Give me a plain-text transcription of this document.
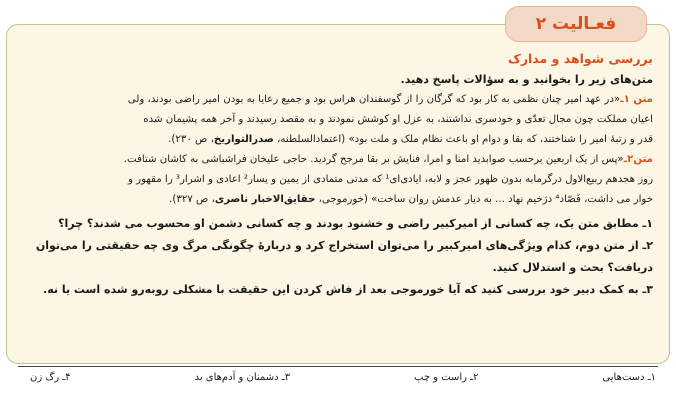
بررسی شواهد و مدارک
متن‌های زیر را بخوانید و به سؤالات پاسخ دهید.
متن ۱ـ«در عهد امیر چنان نظمی به کار بود که گرگان را از گوسفندان هراس بود و جمیع رعایا به بودن امیر راضی بودند، ولی
اعیان مملکت چون مجال تعدّی و خودسری نداشتند، به عزل او کوشش نمودند و به مقصد رسیدند و آخر همه پشیمان شده
قدر و رتبهٔ امیر را شناختند، که بقا و دوام او باعث نظام ملک و ملت بود» (اعتمادالسلطنه، صدرالتواریخ، ص ۲۳۰).
متن۲ـ«پس از یک اربعین برحسب صوابدید امنا و امرا، فنایش بر بقا مرجح گردید. حاجی علیخان فراشباشی به کاشان شتافت.
روز هجدهم ربیع‌الاول درگرمابه بدون ظهور عجز و لابه، ایادی‌ای¹ که مدتی متمادی از یمین و یسار² اعادی و اشرار³ را مقهور و
خوار می داشت، فَصّاد⁴ دژخیم نهاد ... به دیار عدمش روان ساخت» (خورموجی، حقایق‌الاخبار ناصری، ص ۳۲۷).
۱ـ مطابق متن یک، چه کسانی از امیرکبیر راضی و خشنود بودند و چه کسانی دشمن او محسوب می شدند؟ چرا؟
۲ـ از متن دوم، کدام ویژگی‌های امیرکبیر را می‌توان استخراج کرد و دربارهٔ چگونگی مرگ وی چه حقیقتی را می‌توان
دریافت؟ بحث و استدلال کنید.
۳ـ به کمک دبیر خود بررسی کنید که آیا خورموجی بعد از فاش کردن این حقیقت با مشکلی روبه‌رو شده است یا نه.
فعـالیت ۲
۱ـ دست‌هایی
۲ـ راست و چپ
۳ـ دشمنان و آدم‌های بد
۴ـ رگ زن
